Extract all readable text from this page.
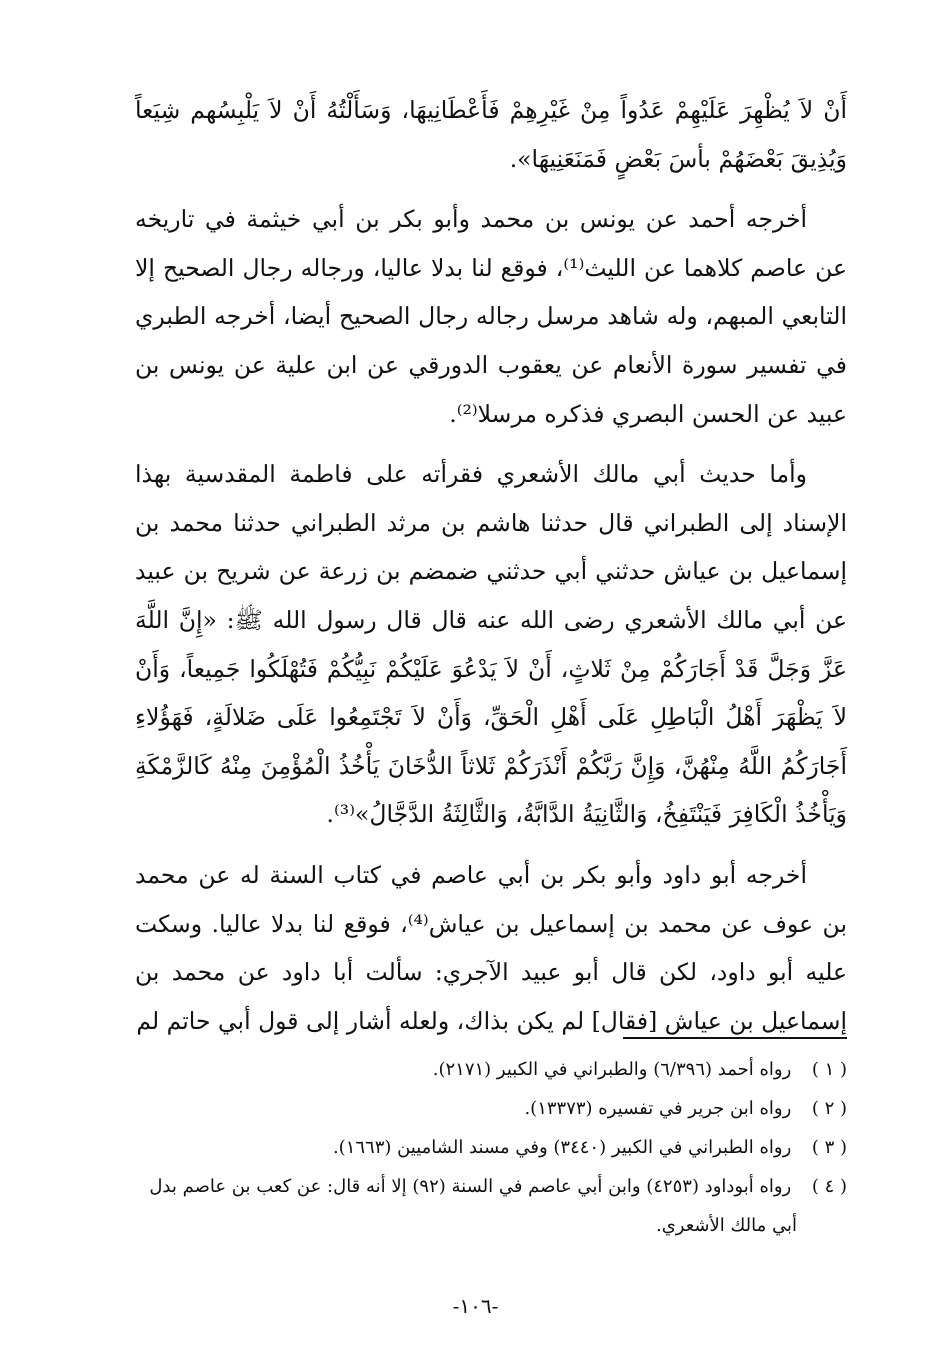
أَنْ لاَ يُظْهِرَ عَلَيْهِمْ عَدُواً مِنْ غَيْرِهِمْ فَأَعْطَانِيهَا، وَسَأَلْتُهُ أَنْ لاَ يَلْبِسُهم شِيَعاً وَيُذِيقَ بَعْضَهُمْ بأسَ بَعْضٍ فَمَنَعَنِيهَا».

أخرجه أحمد عن يونس بن محمد وأبو بكر بن أبي خيثمة في تاريخه عن عاصم كلاهما عن الليث⁽¹⁾، فوقع لنا بدلا عاليا، ورجاله رجال الصحيح إلا التابعي المبهم، وله شاهد مرسل رجاله رجال الصحيح أيضا، أخرجه الطبري في تفسير سورة الأنعام عن يعقوب الدورقي عن ابن علية عن يونس بن عبيد عن الحسن البصري فذكره مرسلا⁽²⁾.

وأما حديث أبي مالك الأشعري فقرأته على فاطمة المقدسية بهذا الإسناد إلى الطبراني قال حدثنا هاشم بن مرثد الطبراني حدثنا محمد بن إسماعيل بن عياش حدثني أبي حدثني ضمضم بن زرعة عن شريح بن عبيد عن أبي مالك الأشعري رضى الله عنه قال قال رسول الله ﷺ: «إِنَّ اللَّهَ عَزَّ وَجَلَّ قَدْ أَجَارَكُمْ مِنْ ثَلاثٍ، أَنْ لاَ يَدْعُوَ عَلَيْكُمْ نَبِيُّكُمْ فَتُهْلَكُوا جَمِيعاً، وَأَنْ لاَ يَظْهَرَ أَهْلُ الْبَاطِلِ عَلَى أَهْلِ الْحَقِّ، وَأَنْ لاَ تَجْتَمِعُوا عَلَى ضَلالَةٍ، فَهَؤُلاءِ أَجَارَكُمُ اللَّهُ مِنْهُنَّ، وَإِنَّ رَبَّكُمْ أَنْذَرَكُمْ ثَلاثاً الدُّخَانَ يَأْخُذُ الْمُؤْمِنَ مِنْهُ كَالزَّمْكَةِ وَيَأْخُذُ الْكَافِرَ فَيَنْتَفِخُ، وَالثَّانِيَةُ الدَّابَّةُ، وَالثَّالِثَةُ الدَّجَّالُ»⁽³⁾.

أخرجه أبو داود وأبو بكر بن أبي عاصم في كتاب السنة له عن محمد بن عوف عن محمد بن إسماعيل بن عياش⁽⁴⁾، فوقع لنا بدلا عاليا. وسكت عليه أبو داود، لكن قال أبو عبيد الآجري: سألت أبا داود عن محمد بن إسماعيل بن عياش [فقال] لم يكن بذاك، ولعله أشار إلى قول أبي حاتم لم

( ١ ) رواه أحمد (٦/٣٩٦) والطبراني في الكبير (٢١٧١).

( ٢ ) رواه ابن جرير في تفسيره (١٣٣٧٣).

( ٣ ) رواه الطبراني في الكبير (٣٤٤٠) وفي مسند الشاميين (١٦٦٣).

( ٤ ) رواه أبوداود (٤٢٥٣) وابن أبي عاصم في السنة (٩٢) إلا أنه قال: عن كعب بن عاصم بدل أبي مالك الأشعري.

-١٠٦-
